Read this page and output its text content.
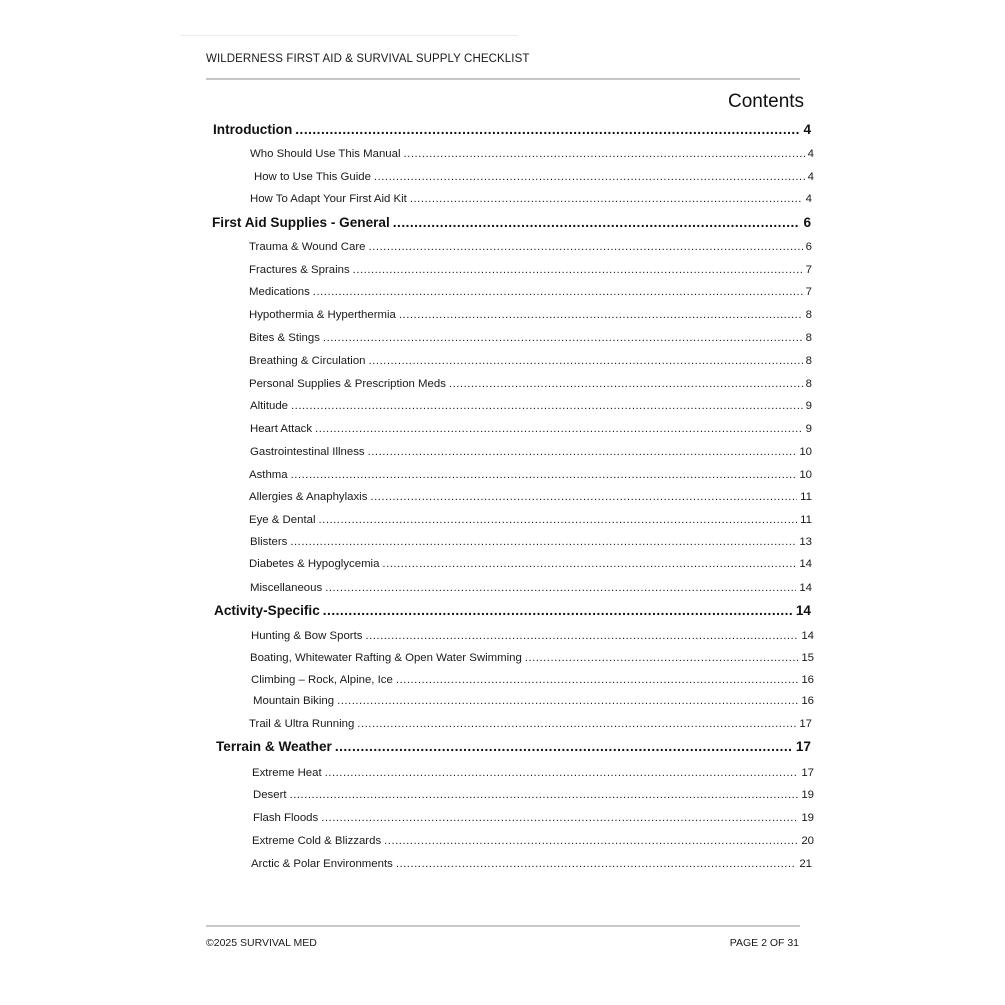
WILDERNESS FIRST AID & SURVIVAL SUPPLY CHECKLIST
Contents
Introduction .....	4
Who Should Use This Manual .....	4
How to Use This Guide .....	4
How To Adapt Your First Aid Kit .....	4
First Aid Supplies - General .....	6
Trauma & Wound Care .....	6
Fractures & Sprains .....	7
Medications .....	7
Hypothermia & Hyperthermia .....	8
Bites & Stings .....	8
Breathing & Circulation .....	8
Personal Supplies & Prescription Meds .....	8
Altitude .....	9
Heart Attack .....	9
Gastrointestinal Illness .....	10
Asthma .....	10
Allergies & Anaphylaxis .....	11
Eye & Dental .....	11
Blisters .....	13
Diabetes & Hypoglycemia .....	14
Miscellaneous .....	14
Activity-Specific .....	14
Hunting & Bow Sports .....	14
Boating, Whitewater Rafting & Open Water Swimming .....	15
Climbing – Rock, Alpine, Ice .....	16
Mountain Biking .....	16
Trail & Ultra Running .....	17
Terrain & Weather .....	17
Extreme Heat .....	17
Desert .....	19
Flash Floods .....	19
Extreme Cold & Blizzards .....	20
Arctic & Polar Environments .....	21
©2025 SURVIVAL MED	PAGE 2 OF 31
